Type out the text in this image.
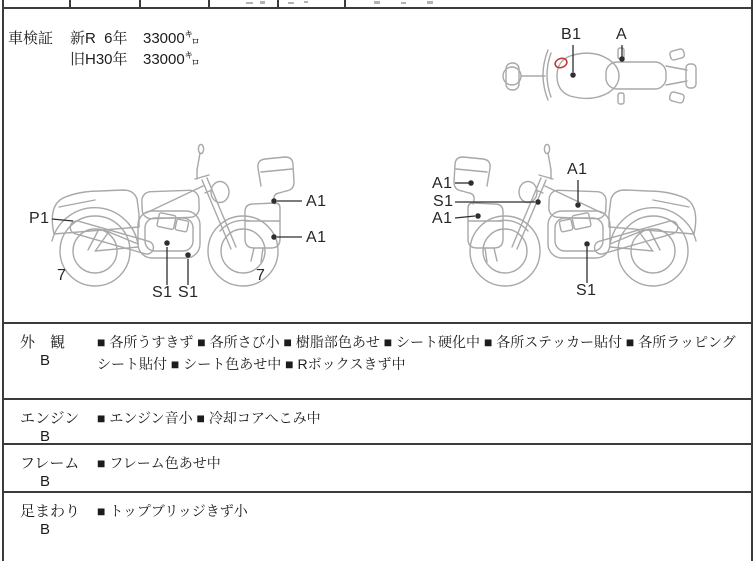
車検証 新R  6年 33000㌔
旧H30年 33000㌔
P1
7
S1 S1
7
A1
A1
A1
S1
A1
A1
S1
B1 A
外　観
B
■ 各所うすきず ■ 各所さび小 ■ 樹脂部色あせ ■ シート硬化中 ■ 各所ステッカー貼付 ■ 各所ラッピングシート貼付 ■ シート色あせ中 ■ Rボックスきず中
エンジン
B
■ エンジン音小 ■ 冷却コアへこみ中
フレーム
B
■ フレーム色あせ中
足まわり
B
■ トップブリッジきず小
